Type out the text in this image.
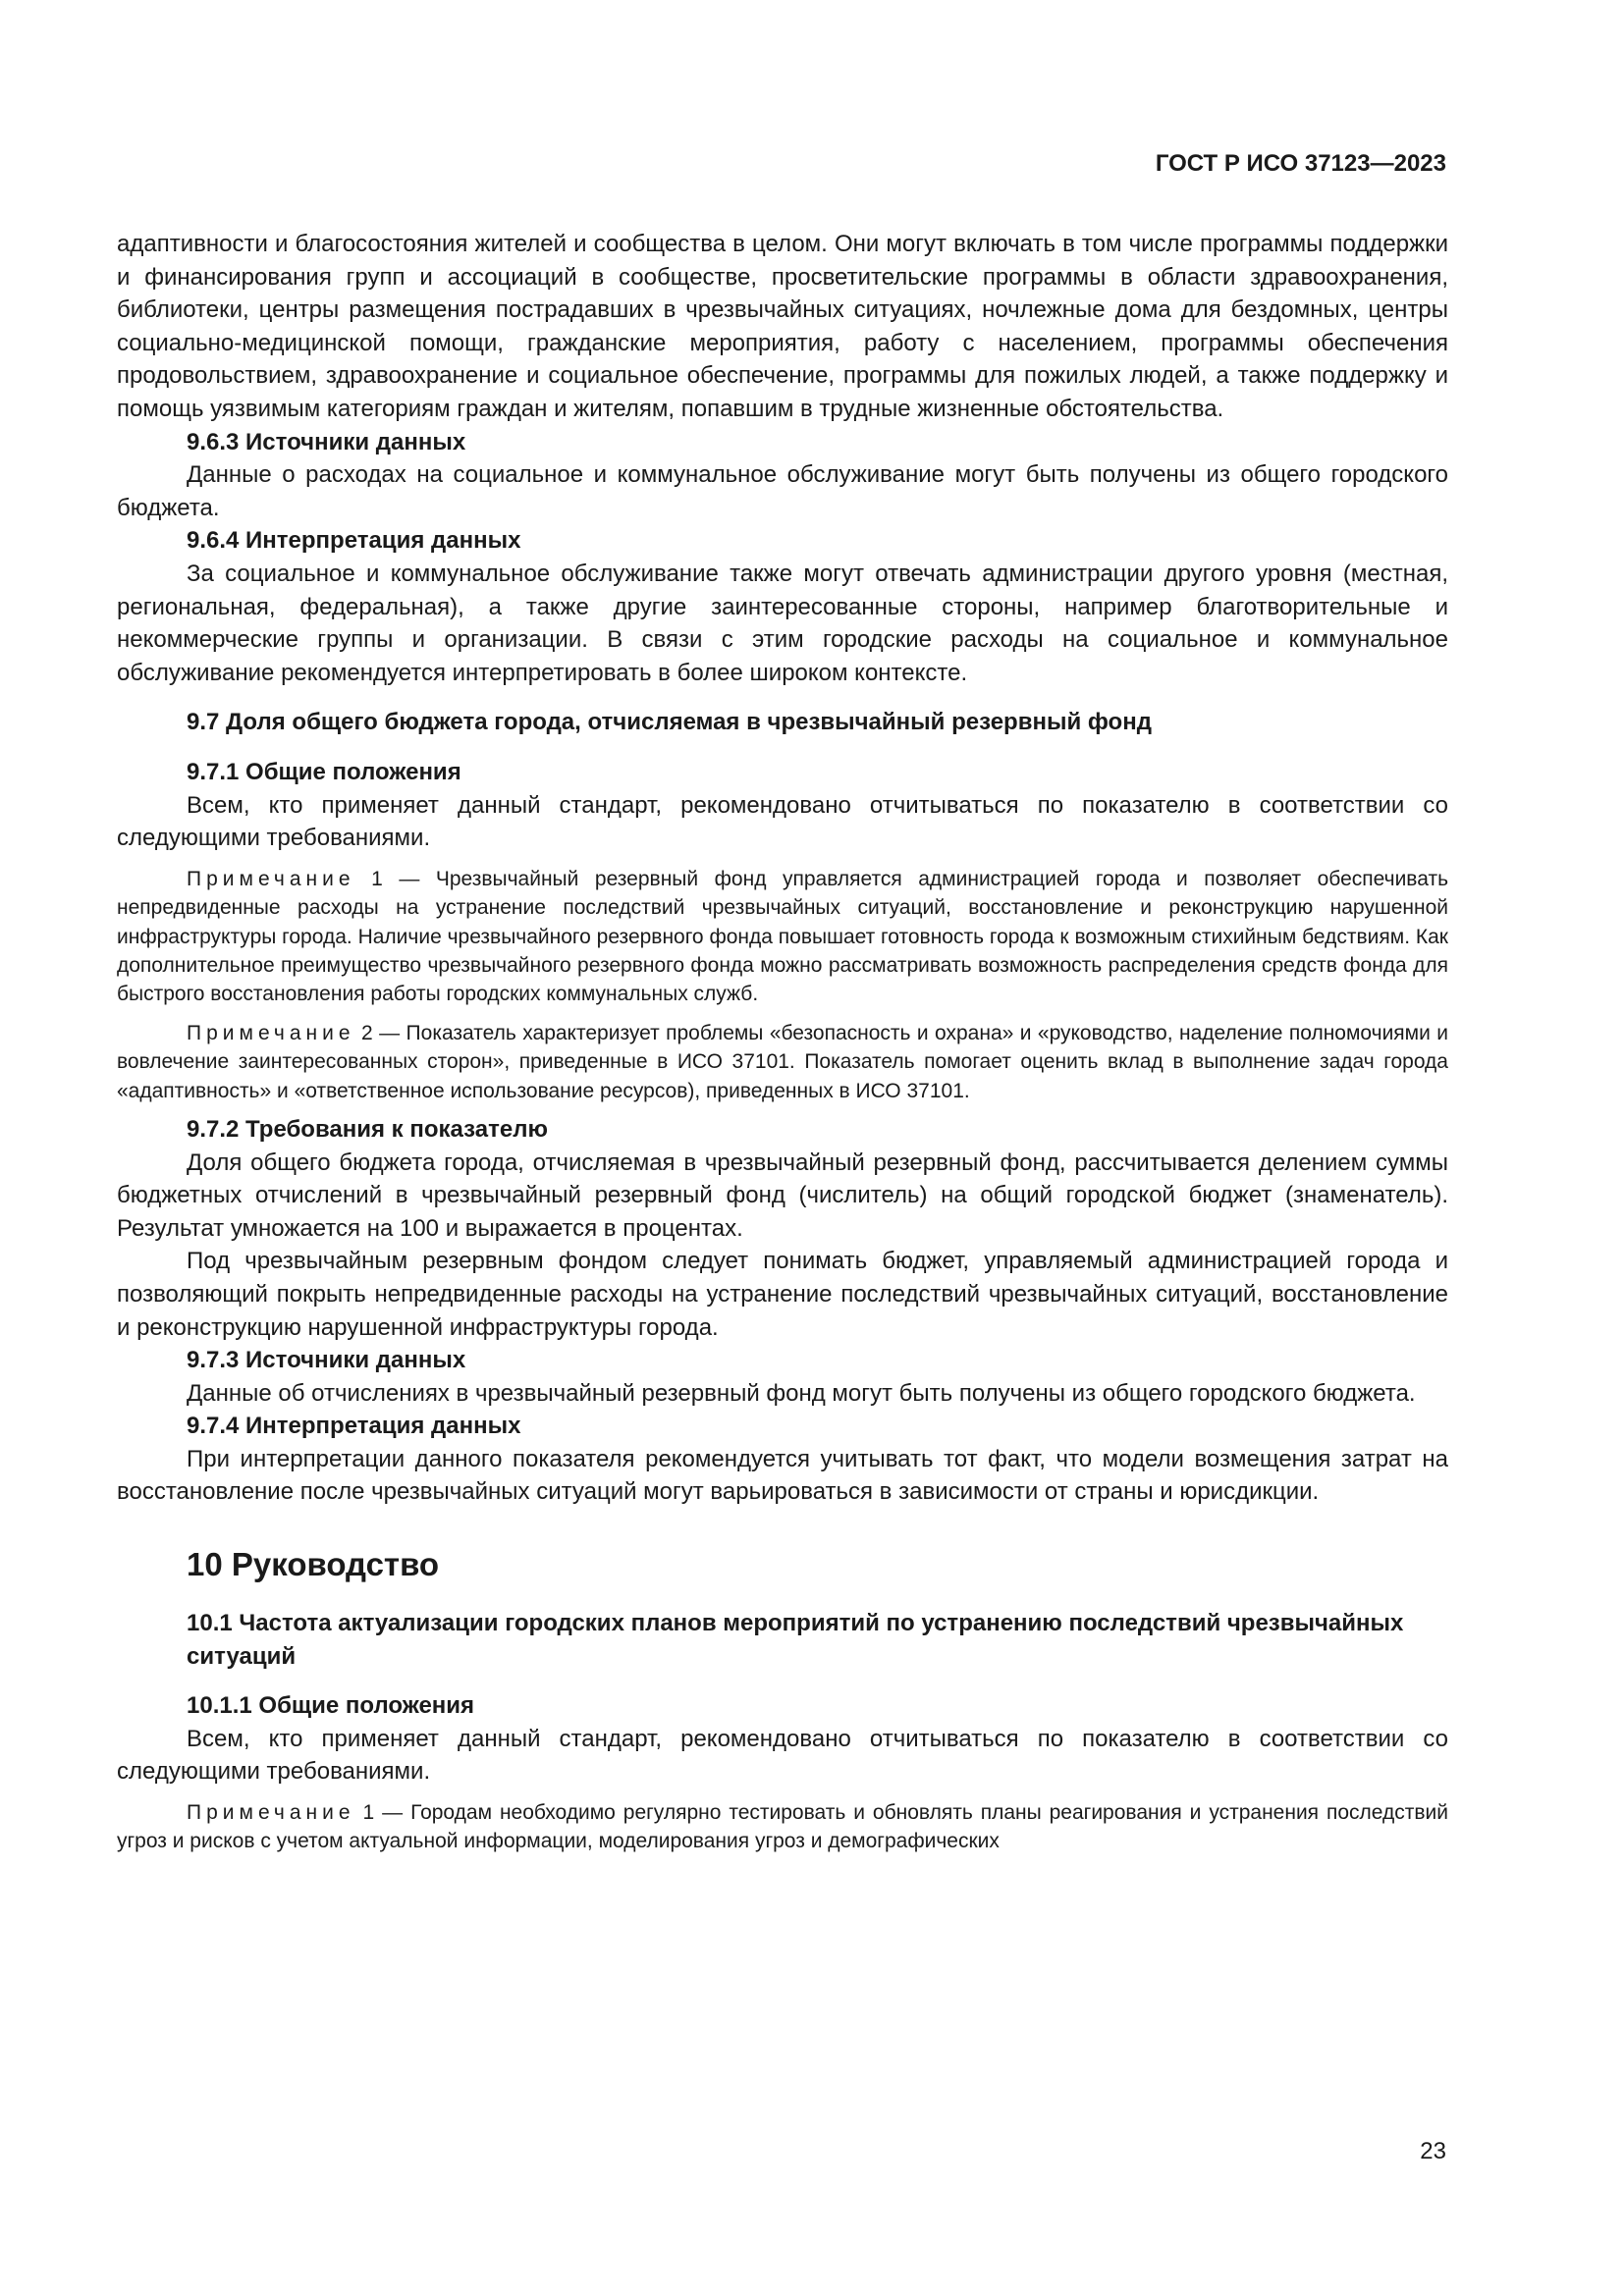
ГОСТ Р ИСО 37123—2023

адаптивности и благосостояния жителей и сообщества в целом. Они могут включать в том числе программы поддержки и финансирования групп и ассоциаций в сообществе, просветительские программы в области здравоохранения, библиотеки, центры размещения пострадавших в чрезвычайных ситуациях, ночлежные дома для бездомных, центры социально-медицинской помощи, гражданские мероприятия, работу с населением, программы обеспечения продовольствием, здравоохранение и социальное обеспечение, программы для пожилых людей, а также поддержку и помощь уязвимым категориям граждан и жителям, попавшим в трудные жизненные обстоятельства.

9.6.3 Источники данных

Данные о расходах на социальное и коммунальное обслуживание могут быть получены из общего городского бюджета.

9.6.4 Интерпретация данных

За социальное и коммунальное обслуживание также могут отвечать администрации другого уровня (местная, региональная, федеральная), а также другие заинтересованные стороны, например благотворительные и некоммерческие группы и организации. В связи с этим городские расходы на социальное и коммунальное обслуживание рекомендуется интерпретировать в более широком контексте.

9.7 Доля общего бюджета города, отчисляемая в чрезвычайный резервный фонд

9.7.1 Общие положения

Всем, кто применяет данный стандарт, рекомендовано отчитываться по показателю в соответствии со следующими требованиями.

Примечание 1 — Чрезвычайный резервный фонд управляется администрацией города и позволяет обеспечивать непредвиденные расходы на устранение последствий чрезвычайных ситуаций, восстановление и реконструкцию нарушенной инфраструктуры города. Наличие чрезвычайного резервного фонда повышает готовность города к возможным стихийным бедствиям. Как дополнительное преимущество чрезвычайного резервного фонда можно рассматривать возможность распределения средств фонда для быстрого восстановления работы городских коммунальных служб.

Примечание 2 — Показатель характеризует проблемы «безопасность и охрана» и «руководство, наделение полномочиями и вовлечение заинтересованных сторон», приведенные в ИСО 37101. Показатель помогает оценить вклад в выполнение задач города «адаптивность» и «ответственное использование ресурсов), приведенных в ИСО 37101.

9.7.2 Требования к показателю

Доля общего бюджета города, отчисляемая в чрезвычайный резервный фонд, рассчитывается делением суммы бюджетных отчислений в чрезвычайный резервный фонд (числитель) на общий городской бюджет (знаменатель). Результат умножается на 100 и выражается в процентах.

Под чрезвычайным резервным фондом следует понимать бюджет, управляемый администрацией города и позволяющий покрыть непредвиденные расходы на устранение последствий чрезвычайных ситуаций, восстановление и реконструкцию нарушенной инфраструктуры города.

9.7.3 Источники данных

Данные об отчислениях в чрезвычайный резервный фонд могут быть получены из общего городского бюджета.

9.7.4 Интерпретация данных

При интерпретации данного показателя рекомендуется учитывать тот факт, что модели возмещения затрат на восстановление после чрезвычайных ситуаций могут варьироваться в зависимости от страны и юрисдикции.

10 Руководство

10.1 Частота актуализации городских планов мероприятий по устранению последствий чрезвычайных ситуаций

10.1.1 Общие положения

Всем, кто применяет данный стандарт, рекомендовано отчитываться по показателю в соответствии со следующими требованиями.

Примечание 1 — Городам необходимо регулярно тестировать и обновлять планы реагирования и устранения последствий угроз и рисков с учетом актуальной информации, моделирования угроз и демографических

23
